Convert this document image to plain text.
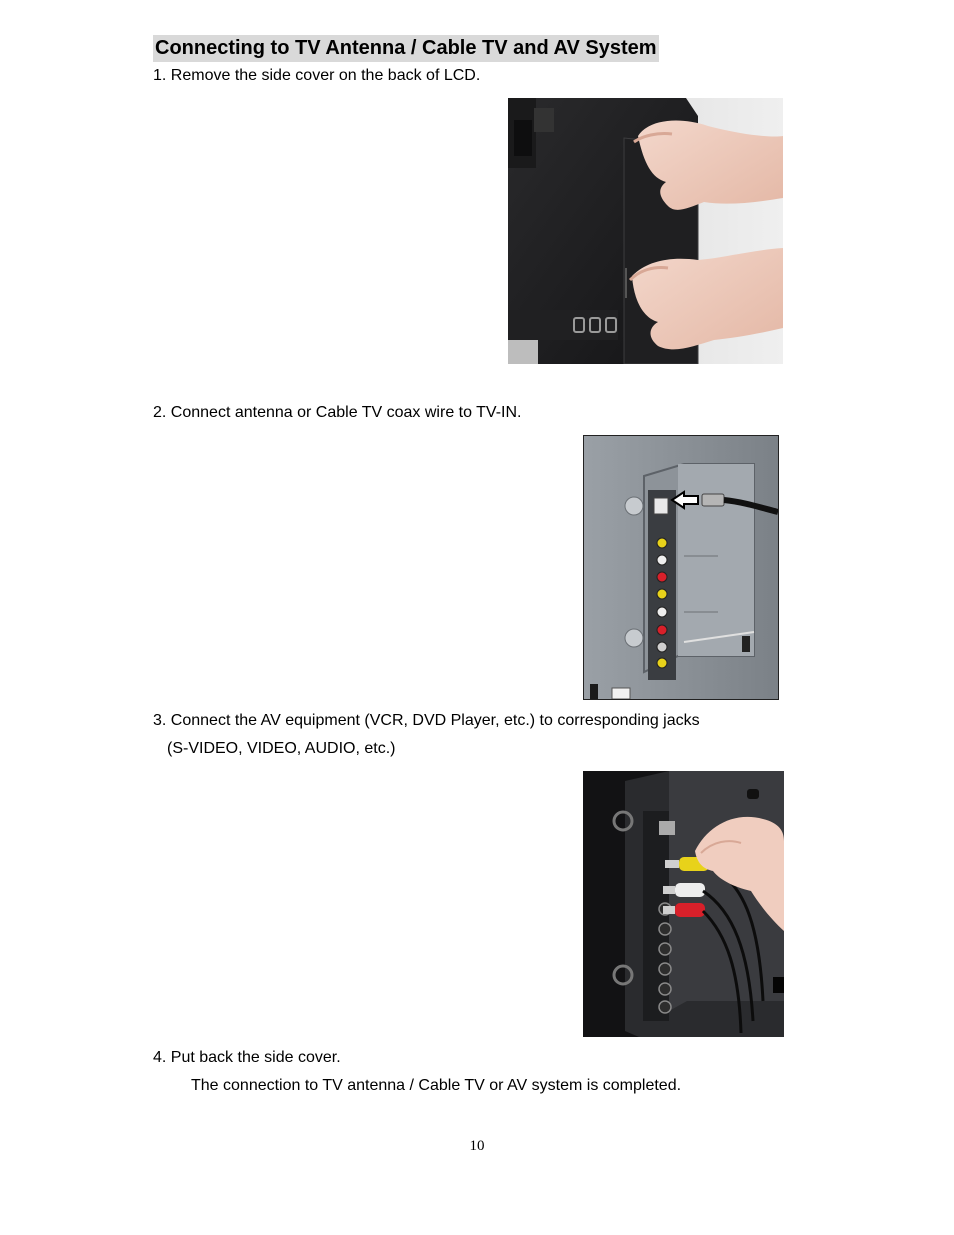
Connecting to TV Antenna / Cable TV and AV System
1. Remove the side cover on the back of LCD.
2. Connect antenna or Cable TV coax wire to TV-IN.
3. Connect the AV equipment (VCR, DVD Player, etc.) to corresponding jacks
(S-VIDEO, VIDEO, AUDIO, etc.)
4. Put back the side cover.
The connection to TV antenna / Cable TV or AV system is completed.
10
